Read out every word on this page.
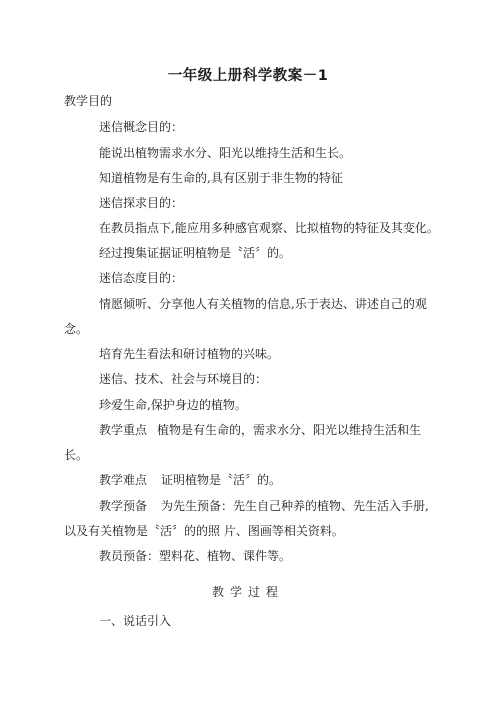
一年级上册科学教案－1
教学目的
迷信概念目的：
能说出植物需求水分、阳光以维持生活和生长。
知道植物是有生命的,具有区别于非生物的特征
迷信探求目的：
在教员指点下,能应用多种感官观察、比拟植物的特征及其变化。
经过搜集证据证明植物是〝活〞的。
迷信态度目的：
情愿倾听、分享他人有关植物的信息,乐于表达、讲述自己的观
念。
培育先生看法和研讨植物的兴味。
迷信、技术、社会与环境目的：
珍爱生命,保护身边的植物。
教学重点 植物是有生命的，需求水分、阳光以维持生活和生
长。
教学难点 证明植物是〝活〞的。
教学预备 为先生预备：先生自己种养的植物、先生活入手册,
以及有关植物是〝活〞的的照 片、图画等相关资料。
教员预备：塑料花、植物、课件等。
教学过程
一、说话引入
